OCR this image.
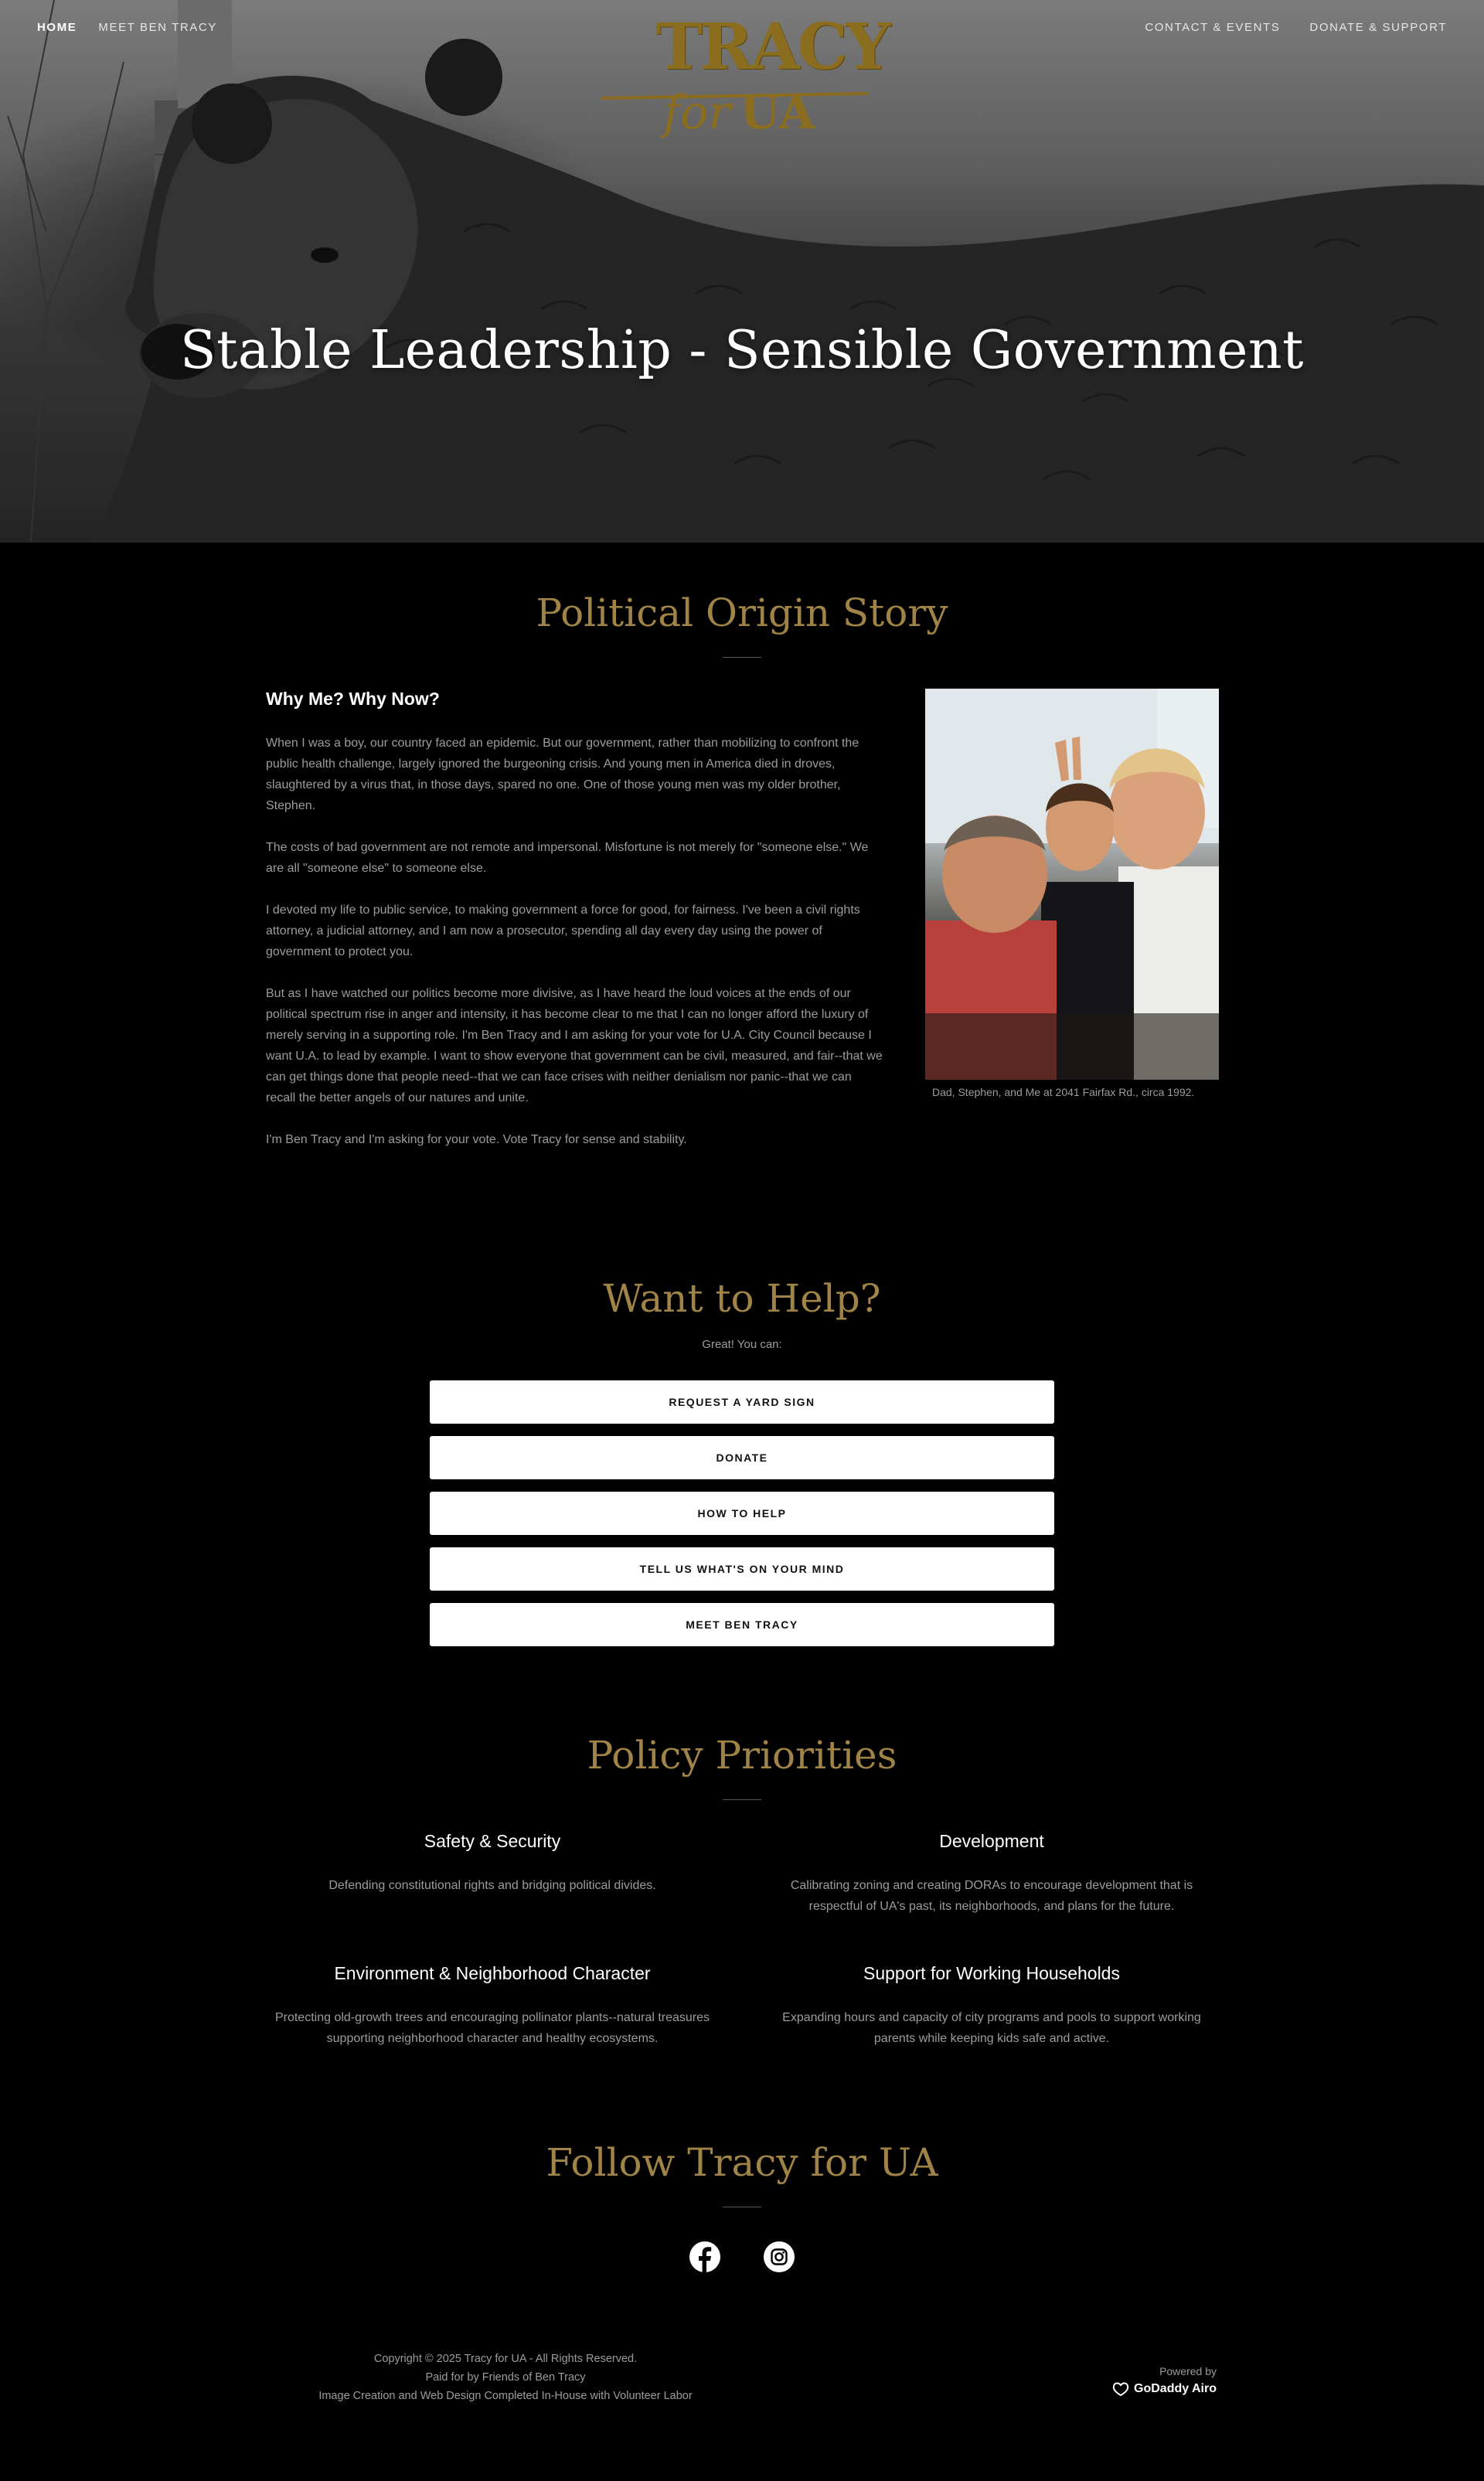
HOME MEET BEN TRACY	TRACY
for UA
CONTACT & EVENTS	DONATE & SUPPORT
Stable Leadership - Sensible Government
Political Origin Story
Why Me? Why Now?

When I was a boy, our country faced an epidemic. But our government, rather than mobilizing to confront the public health challenge, largely ignored the burgeoning crisis. And young men in America died in droves, slaughtered by a virus that, in those days, spared no one. One of those young men was my older brother, Stephen.

The costs of bad government are not remote and impersonal. Misfortune is not merely for "someone else." We are all "someone else" to someone else.

I devoted my life to public service, to making government a force for good, for fairness. I've been a civil rights attorney, a judicial attorney, and I am now a prosecutor, spending all day every day using the power of government to protect you.

But as I have watched our politics become more divisive, as I have heard the loud voices at the ends of our political spectrum rise in anger and intensity, it has become clear to me that I can no longer afford the luxury of merely serving in a supporting role. I'm Ben Tracy and I am asking for your vote for U.A. City Council because I want U.A. to lead by example. I want to show everyone that government can be civil, measured, and fair--that we can get things done that people need--that we can face crises with neither denialism nor panic--that we can recall the better angels of our natures and unite.

I'm Ben Tracy and I'm asking for your vote. Vote Tracy for sense and stability.

Dad, Stephen, and Me at 2041 Fairfax Rd., circa 1992.
Want to Help?

Great! You can:

REQUEST A YARD SIGN
DONATE
HOW TO HELP
TELL US WHAT'S ON YOUR MIND
MEET BEN TRACY
Policy Priorities
Safety & Security

Defending constitutional rights and bridging political divides.

Development

Calibrating zoning and creating DORAs to encourage development that is respectful of UA's past, its neighborhoods, and plans for the future.

Environment & Neighborhood Character

Protecting old-growth trees and encouraging pollinator plants--natural treasures supporting neighborhood character and healthy ecosystems.

Support for Working Households

Expanding hours and capacity of city programs and pools to support working parents while keeping kids safe and active.

Follow Tracy for UA
Copyright © 2025 Tracy for UA - All Rights Reserved.
Paid for by Friends of Ben Tracy
Image Creation and Web Design Completed In-House with Volunteer Labor
Powered by
GoDaddy Airo
